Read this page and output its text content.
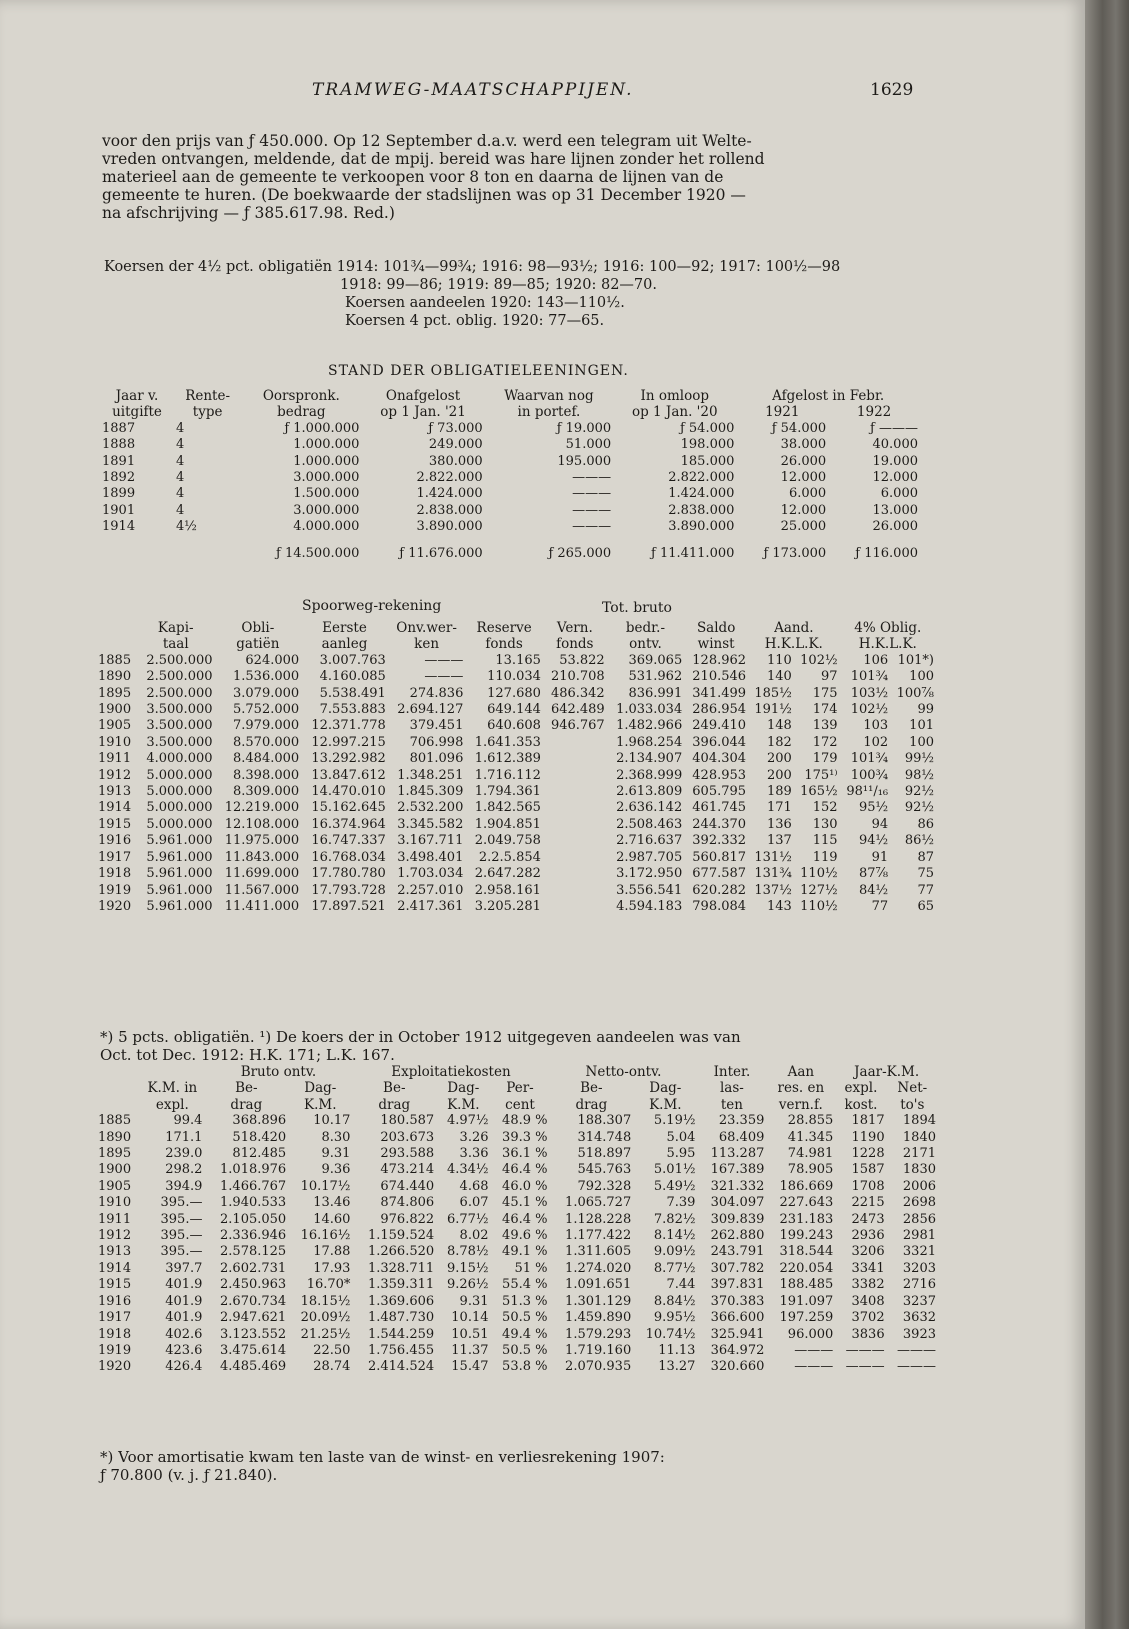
TRAMWEG-MAATSCHAPPIJEN.	1629
voor den prijs van ƒ 450.000. Op 12 September d.a.v. werd een telegram uit Welte-
vreden ontvangen, meldende, dat de mpij. bereid was hare lijnen zonder het rollend
materieel aan de gemeente te verkoopen voor 8 ton en daarna de lijnen van de
gemeente te huren. (De boekwaarde der stadslijnen was op 31 December 1920 —
na afschrijving — ƒ 385.617.98. Red.)
Koersen der 4½ pct. obligatiën 1914: 101¾—99¾; 1916: 98—93½; 1916: 100—92; 1917: 100½—98
1918: 99—86; 1919: 89—85; 1920: 82—70.
Koersen aandeelen 1920: 143—110½.
Koersen 4 pct. oblig. 1920: 77—65.
STAND DER OBLIGATIELEENINGEN.
Jaar v.	Rente-	Oorspronk.	Onafgelost	Waarvan nog	In omloop	Afgelost in Febr.	
uitgifte	type	bedrag	op 1 Jan. '21	in portef.	op 1 Jan. '20	1921	1922
1887	4	ƒ 1.000.000	ƒ 73.000	ƒ 19.000	ƒ 54.000	ƒ 54.000	ƒ ———
1888	4	1.000.000	249.000	51.000	198.000	38.000	40.000
1891	4	1.000.000	380.000	195.000	185.000	26.000	19.000
1892	4	3.000.000	2.822.000	———	2.822.000	12.000	12.000
1899	4	1.500.000	1.424.000	———	1.424.000	6.000	6.000
1901	4	3.000.000	2.838.000	———	2.838.000	12.000	13.000
1914	4½	4.000.000	3.890.000	———	3.890.000	25.000	26.000
		ƒ 14.500.000	ƒ 11.676.000	ƒ 265.000	ƒ 11.411.000	ƒ 173.000	ƒ 116.000
Spoorweg-rekening	Tot. bruto
	Kapi-	Obli-	Eerste	Onv.wer-	Reserve	Vern.	bedr.-	Saldo	Aand.		4% Oblig.	
	taal	gatiën	aanleg	ken	fonds	fonds	ontv.	winst	H.K.L.K.		H.K.L.K.	
1885	2.500.000	624.000	3.007.763	———	13.165	53.822	369.065	128.962	110	102½	106	101*)
1890	2.500.000	1.536.000	4.160.085	———	110.034	210.708	531.962	210.546	140	97	101¾	100
1895	2.500.000	3.079.000	5.538.491	274.836	127.680	486.342	836.991	341.499	185½	175	103½	100⅞
1900	3.500.000	5.752.000	7.553.883	2.694.127	649.144	642.489	1.033.034	286.954	191½	174	102½	99
1905	3.500.000	7.979.000	12.371.778	379.451	640.608	946.767	1.482.966	249.410	148	139	103	101
1910	3.500.000	8.570.000	12.997.215	706.998	1.641.353		1.968.254	396.044	182	172	102	100
1911	4.000.000	8.484.000	13.292.982	801.096	1.612.389		2.134.907	404.304	200	179	101¾	99½
1912	5.000.000	8.398.000	13.847.612	1.348.251	1.716.112		2.368.999	428.953	200	175¹⁾	100¾	98½
1913	5.000.000	8.309.000	14.470.010	1.845.309	1.794.361		2.613.809	605.795	189	165½	98¹¹/₁₆	92½
1914	5.000.000	12.219.000	15.162.645	2.532.200	1.842.565		2.636.142	461.745	171	152	95½	92½
1915	5.000.000	12.108.000	16.374.964	3.345.582	1.904.851		2.508.463	244.370	136	130	94	86
1916	5.961.000	11.975.000	16.747.337	3.167.711	2.049.758		2.716.637	392.332	137	115	94½	86½
1917	5.961.000	11.843.000	16.768.034	3.498.401	2.2.5.854		2.987.705	560.817	131½	119	91	87
1918	5.961.000	11.699.000	17.780.780	1.703.034	2.647.282		3.172.950	677.587	131¾	110½	87⅞	75
1919	5.961.000	11.567.000	17.793.728	2.257.010	2.958.161		3.556.541	620.282	137½	127½	84½	77
1920	5.961.000	11.411.000	17.897.521	2.417.361	3.205.281		4.594.183	798.084	143	110½	77	65
*) 5 pcts. obligatiën. ¹) De koers der in October 1912 uitgegeven aandeelen was van
Oct. tot Dec. 1912: H.K. 171; L.K. 167.
		Bruto ontv.		Exploitatiekosten			Netto-ontv.		Inter.	Aan	Jaar-K.M.	
	K.M. in	Be-	Dag-	Be-	Dag-	Per-	Be-	Dag-	las-	res. en	expl.	Net-
	expl.	drag	K.M.	drag	K.M.	cent	drag	K.M.	ten	vern.f.	kost.	to's
1885	99.4	368.896	10.17	180.587	4.97½	48.9 %	188.307	5.19½	23.359	28.855	1817	1894
1890	171.1	518.420	8.30	203.673	3.26	39.3 %	314.748	5.04	68.409	41.345	1190	1840
1895	239.0	812.485	9.31	293.588	3.36	36.1 %	518.897	5.95	113.287	74.981	1228	2171
1900	298.2	1.018.976	9.36	473.214	4.34½	46.4 %	545.763	5.01½	167.389	78.905	1587	1830
1905	394.9	1.466.767	10.17½	674.440	4.68	46.0 %	792.328	5.49½	321.332	186.669	1708	2006
1910	395.—	1.940.533	13.46	874.806	6.07	45.1 %	1.065.727	7.39	304.097	227.643	2215	2698
1911	395.—	2.105.050	14.60	976.822	6.77½	46.4 %	1.128.228	7.82½	309.839	231.183	2473	2856
1912	395.—	2.336.946	16.16½	1.159.524	8.02	49.6 %	1.177.422	8.14½	262.880	199.243	2936	2981
1913	395.—	2.578.125	17.88	1.266.520	8.78½	49.1 %	1.311.605	9.09½	243.791	318.544	3206	3321
1914	397.7	2.602.731	17.93	1.328.711	9.15½	51 %	1.274.020	8.77½	307.782	220.054	3341	3203
1915	401.9	2.450.963	16.70*	1.359.311	9.26½	55.4 %	1.091.651	7.44	397.831	188.485	3382	2716
1916	401.9	2.670.734	18.15½	1.369.606	9.31	51.3 %	1.301.129	8.84½	370.383	191.097	3408	3237
1917	401.9	2.947.621	20.09½	1.487.730	10.14	50.5 %	1.459.890	9.95½	366.600	197.259	3702	3632
1918	402.6	3.123.552	21.25½	1.544.259	10.51	49.4 %	1.579.293	10.74½	325.941	96.000	3836	3923
1919	423.6	3.475.614	22.50	1.756.455	11.37	50.5 %	1.719.160	11.13	364.972	———	———	———
1920	426.4	4.485.469	28.74	2.414.524	15.47	53.8 %	2.070.935	13.27	320.660	———	———	———
*) Voor amortisatie kwam ten laste van de winst- en verliesrekening 1907:
ƒ 70.800 (v. j. ƒ 21.840).
